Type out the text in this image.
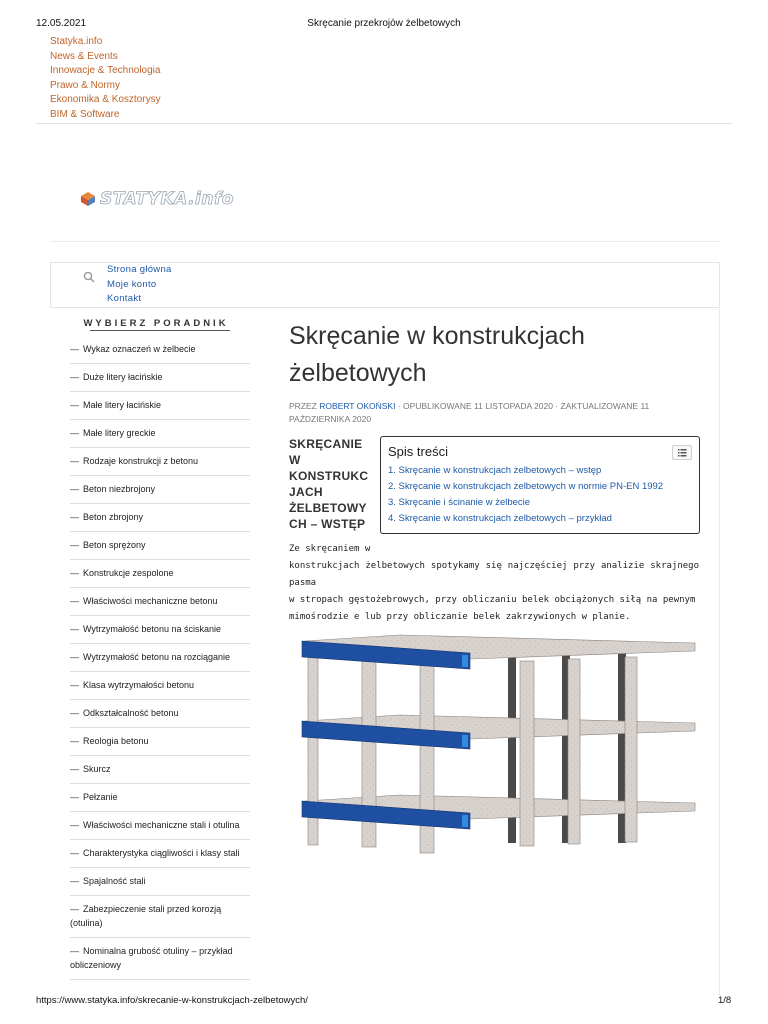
12.05.2021	Skręcanie przekrojów żelbetowych
Statyka.info
News & Events
Innowacje & Technologia
Prawo & Normy
Ekonomika & Kosztorysy
BIM & Software
STATYKA.info
Strona główna
Moje konto
Kontakt
WYBIERZ PORADNIK
— Wykaz oznaczeń w żelbecie
— Duże litery łacińskie
— Małe litery łacińskie
— Małe litery greckie
— Rodzaje konstrukcji z betonu
— Beton niezbrojony
— Beton zbrojony
— Beton sprężony
— Konstrukcje zespolone
— Właściwości mechaniczne betonu
— Wytrzymałość betonu na ściskanie
— Wytrzymałość betonu na rozciąganie
— Klasa wytrzymałości betonu
— Odkształcalność betonu
— Reologia betonu
— Skurcz
— Pełzanie
— Właściwości mechaniczne stali i otulina
— Charakterystyka ciągliwości i klasy stali
— Spajalność stali
— Zabezpieczenie stali przed korozją (otulina)
— Nominalna grubość otuliny – przykład obliczeniowy
Skręcanie w konstrukcjach żelbetowych
PRZEZ ROBERT OKOŃSKI · OPUBLIKOWANE 11 LISTOPADA 2020 · ZAKTUALIZOWANE 11 PAŹDZIERNIKA 2020
SKRĘCANIE
W
KONSTRUKC
JACH
ŻELBETOWY
CH – WSTĘP
Spis treści
1. Skręcanie w konstrukcjach żelbetowych – wstęp
2. Skręcanie w konstrukcjach żelbetowych w normie PN-EN 1992
3. Skręcanie i ścinanie w żelbecie
4. Skręcanie w konstrukcjach żelbetowych – przykład
Ze skręcaniem w
konstrukcjach żelbetowych spotykamy się najczęściej przy analizie skrajnego pasma
w stropach gęstożebrowych, przy obliczaniu belek obciążonych siłą na pewnym
mimośrodzie e lub przy obliczanie belek zakrzywionych w planie.
https://www.statyka.info/skrecanie-w-konstrukcjach-zelbetowych/	1/8
